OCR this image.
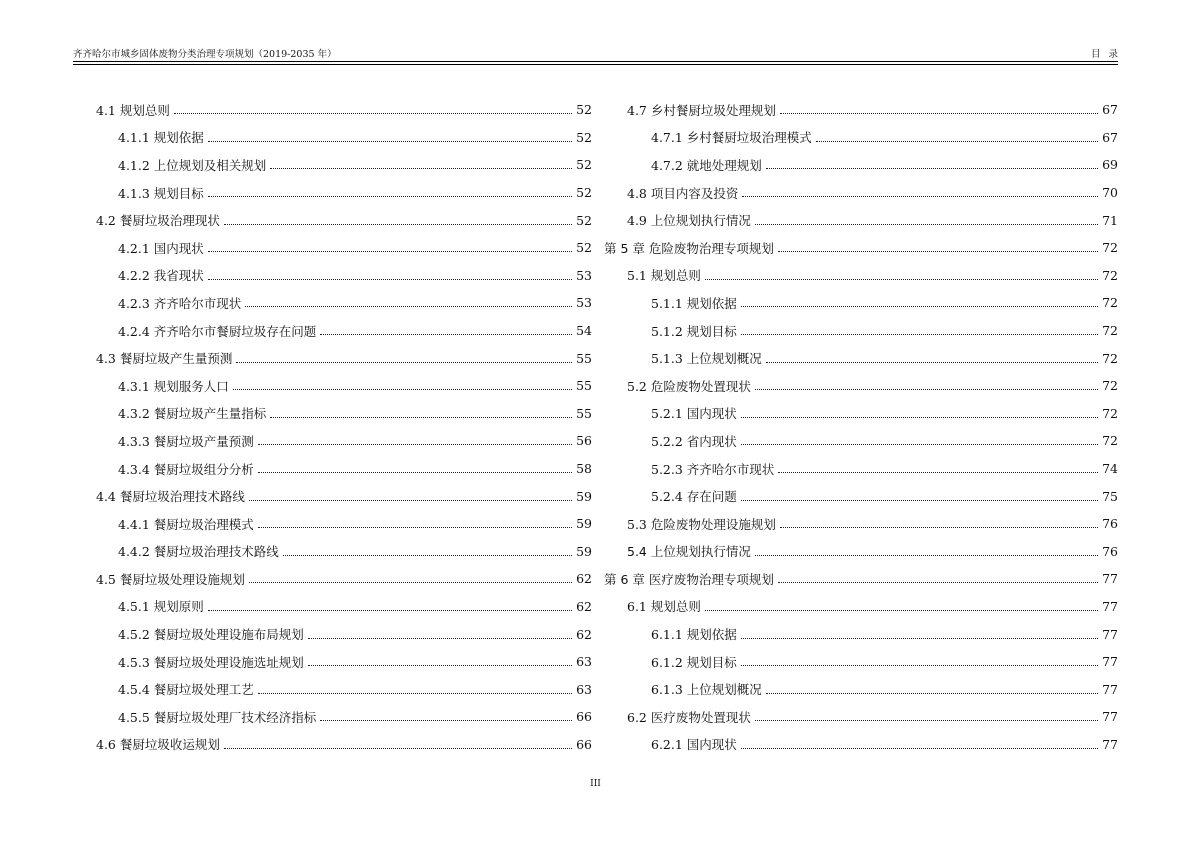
齐齐哈尔市城乡固体废物分类治理专项规划（2019-2035 年）	目录
4.1 规划总则	52
4.1.1 规划依据	52
4.1.2 上位规划及相关规划	52
4.1.3 规划目标	52
4.2 餐厨垃圾治理现状	52
4.2.1 国内现状	52
4.2.2 我省现状	53
4.2.3 齐齐哈尔市现状	53
4.2.4 齐齐哈尔市餐厨垃圾存在问题	54
4.3 餐厨垃圾产生量预测	55
4.3.1 规划服务人口	55
4.3.2 餐厨垃圾产生量指标	55
4.3.3 餐厨垃圾产量预测	56
4.3.4 餐厨垃圾组分分析	58
4.4 餐厨垃圾治理技术路线	59
4.4.1 餐厨垃圾治理模式	59
4.4.2 餐厨垃圾治理技术路线	59
4.5 餐厨垃圾处理设施规划	62
4.5.1 规划原则	62
4.5.2 餐厨垃圾处理设施布局规划	62
4.5.3 餐厨垃圾处理设施选址规划	63
4.5.4 餐厨垃圾处理工艺	63
4.5.5 餐厨垃圾处理厂技术经济指标	66
4.6 餐厨垃圾收运规划	66
4.7 乡村餐厨垃圾处理规划	67
4.7.1 乡村餐厨垃圾治理模式	67
4.7.2 就地处理规划	69
4.8 项目内容及投资	70
4.9 上位规划执行情况	71
第 5 章 危险废物治理专项规划	72
5.1 规划总则	72
5.1.1 规划依据	72
5.1.2 规划目标	72
5.1.3 上位规划概况	72
5.2 危险废物处置现状	72
5.2.1 国内现状	72
5.2.2 省内现状	72
5.2.3 齐齐哈尔市现状	74
5.2.4 存在问题	75
5.3 危险废物处理设施规划	76
5.4 上位规划执行情况	76
第 6 章 医疗废物治理专项规划	77
6.1 规划总则	77
6.1.1 规划依据	77
6.1.2 规划目标	77
6.1.3 上位规划概况	77
6.2 医疗废物处置现状	77
6.2.1 国内现状	77
III
